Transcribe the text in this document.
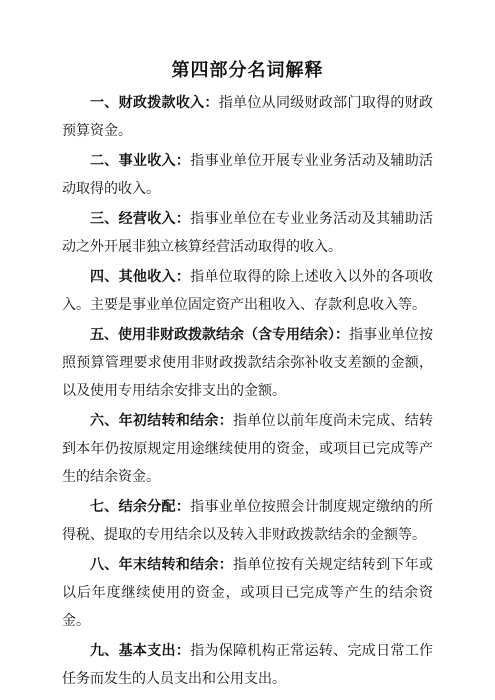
第四部分名词解释

一、财政拨款收入：指单位从同级财政部门取得的财政预算资金。

二、事业收入：指事业单位开展专业业务活动及辅助活动取得的收入。

三、经营收入：指事业单位在专业业务活动及其辅助活动之外开展非独立核算经营活动取得的收入。

四、其他收入：指单位取得的除上述收入以外的各项收入。主要是事业单位固定资产出租收入、存款利息收入等。

五、使用非财政拨款结余（含专用结余）：指事业单位按照预算管理要求使用非财政拨款结余弥补收支差额的金额，以及使用专用结余安排支出的金额。

六、年初结转和结余：指单位以前年度尚未完成、结转到本年仍按原规定用途继续使用的资金，或项目已完成等产生的结余资金。

七、结余分配：指事业单位按照会计制度规定缴纳的所得税、提取的专用结余以及转入非财政拨款结余的金额等。

八、年末结转和结余：指单位按有关规定结转到下年或以后年度继续使用的资金，或项目已完成等产生的结余资金。

九、基本支出：指为保障机构正常运转、完成日常工作任务而发生的人员支出和公用支出。
